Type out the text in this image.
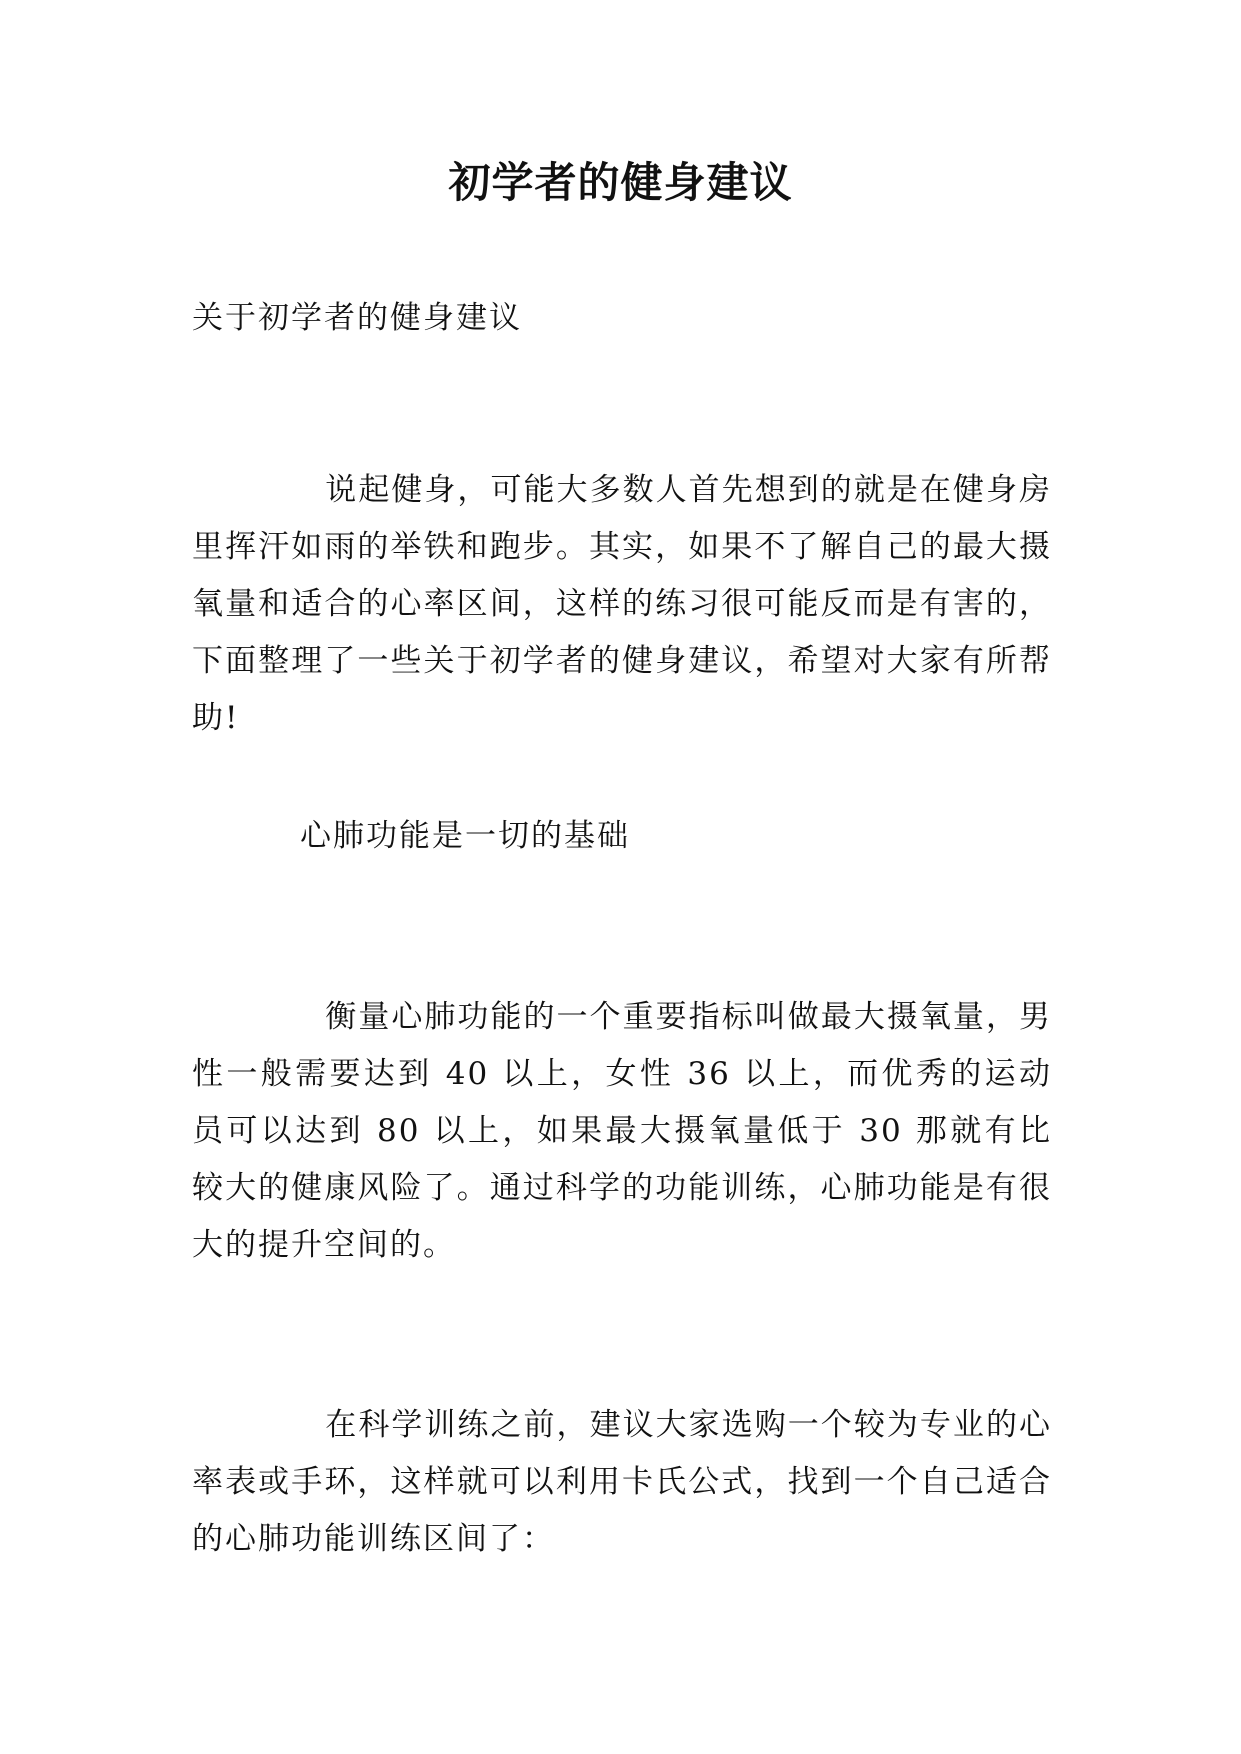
初学者的健身建议

关于初学者的健身建议

说起健身，可能大多数人首先想到的就是在健身房里挥汗如雨的举铁和跑步。其实，如果不了解自己的最大摄氧量和适合的心率区间，这样的练习很可能反而是有害的，下面整理了一些关于初学者的健身建议，希望对大家有所帮助!

心肺功能是一切的基础

衡量心肺功能的一个重要指标叫做最大摄氧量，男性一般需要达到 40 以上，女性 36 以上，而优秀的运动员可以达到 80 以上，如果最大摄氧量低于 30 那就有比较大的健康风险了。通过科学的功能训练，心肺功能是有很大的提升空间的。

在科学训练之前，建议大家选购一个较为专业的心率表或手环，这样就可以利用卡氏公式，找到一个自己适合的心肺功能训练区间了：
